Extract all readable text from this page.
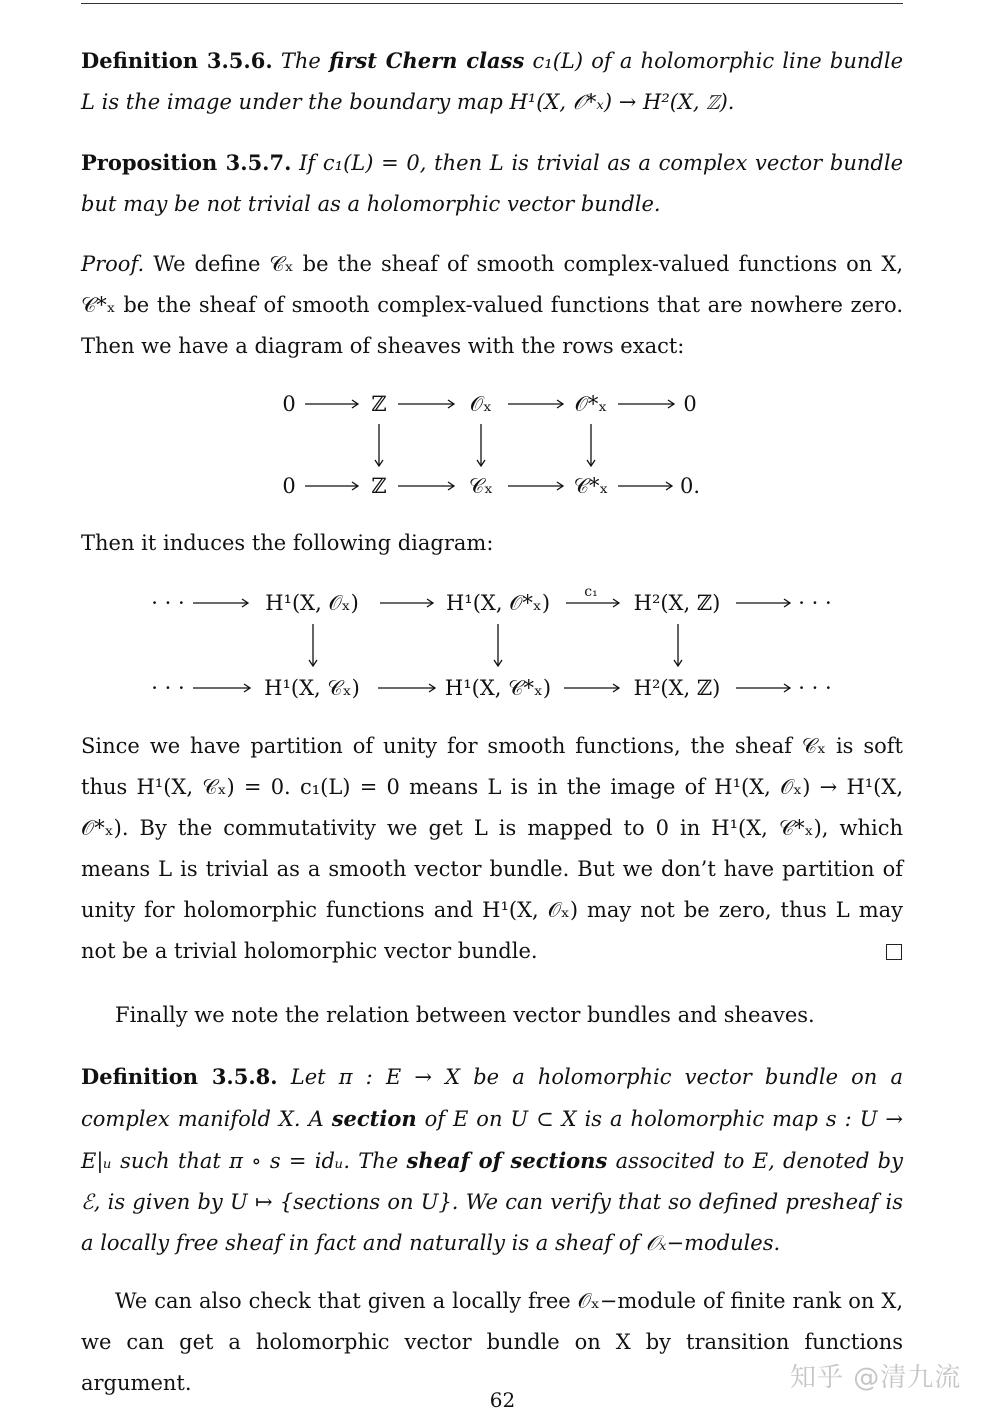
Definition 3.5.6. The first Chern class c₁(L) of a holomorphic line bundle L is the image under the boundary map H¹(X, 𝒪*ₓ) → H²(X, ℤ).
Proposition 3.5.7. If c₁(L) = 0, then L is trivial as a complex vector bundle but may be not trivial as a holomorphic vector bundle.
Proof. We define 𝒞ₓ be the sheaf of smooth complex-valued functions on X, 𝒞*ₓ be the sheaf of smooth complex-valued functions that are nowhere zero. Then we have a diagram of sheaves with the rows exact:
0	ℤ	𝒪ₓ	𝒪*ₓ	0
0	ℤ	𝒞ₓ	𝒞*ₓ	0.
Then it induces the following diagram:
· · ·	H¹(X, 𝒪ₓ)	H¹(X, 𝒪*ₓ)	H²(X, ℤ)	· · ·
· · ·	H¹(X, 𝒞ₓ)	H¹(X, 𝒞*ₓ)	H²(X, ℤ)	· · ·
c₁
Since we have partition of unity for smooth functions, the sheaf 𝒞ₓ is soft thus H¹(X, 𝒞ₓ) = 0. c₁(L) = 0 means L is in the image of H¹(X, 𝒪ₓ) → H¹(X, 𝒪*ₓ). By the commutativity we get L is mapped to 0 in H¹(X, 𝒞*ₓ), which means L is trivial as a smooth vector bundle. But we don’t have partition of unity for holomorphic functions and H¹(X, 𝒪ₓ) may not be zero, thus L may not be a trivial holomorphic vector bundle.
Finally we note the relation between vector bundles and sheaves.
Definition 3.5.8. Let π : E → X be a holomorphic vector bundle on a complex manifold X. A section of E on U ⊂ X is a holomorphic map s : U → E|ᵤ such that π ∘ s = idᵤ. The sheaf of sections associted to E, denoted by ℰ, is given by U ↦ {sections on U}. We can verify that so defined presheaf is a locally free sheaf in fact and naturally is a sheaf of 𝒪ₓ−modules.
We can also check that given a locally free 𝒪ₓ−module of finite rank on X, we can get a holomorphic vector bundle on X by transition functions argument.	知乎 @清九流
62
